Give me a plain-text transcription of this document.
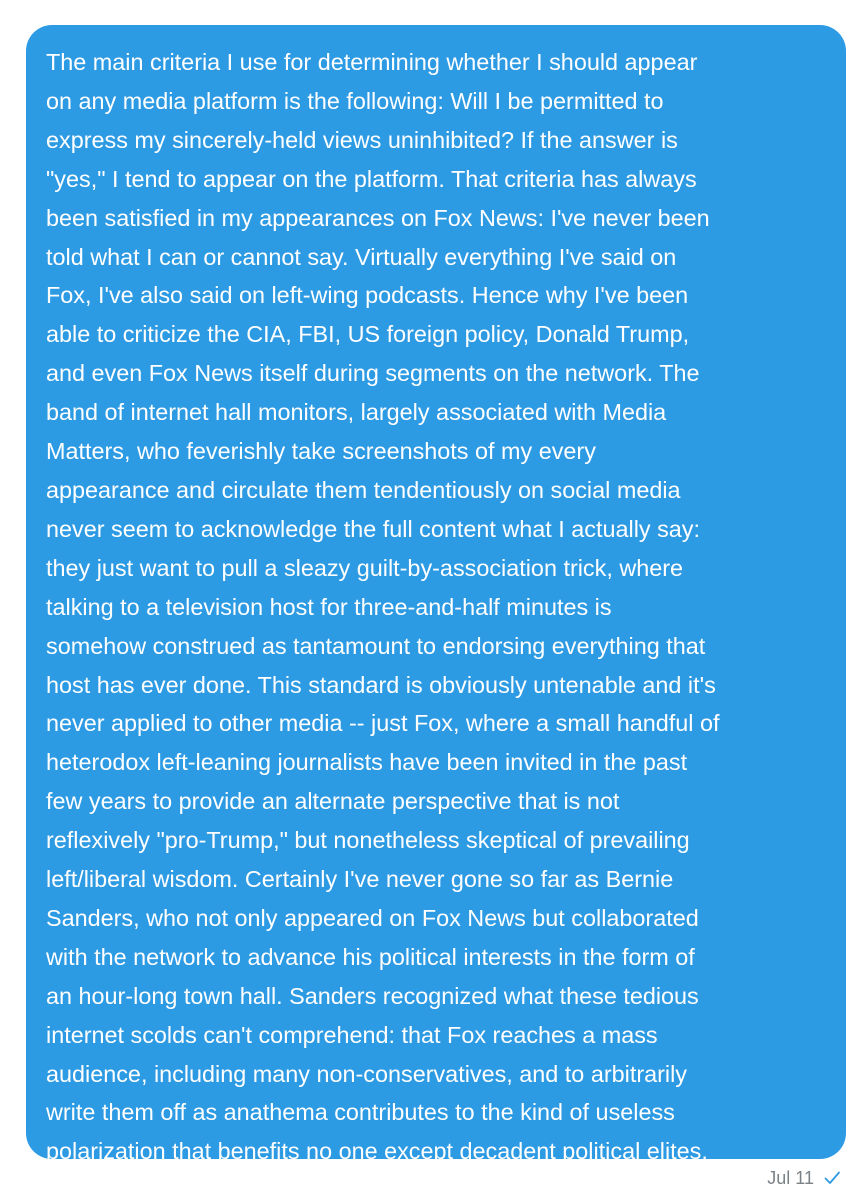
The main criteria I use for determining whether I should appear
on any media platform is the following: Will I be permitted to
express my sincerely-held views uninhibited? If the answer is
"yes," I tend to appear on the platform. That criteria has always
been satisfied in my appearances on Fox News: I've never been
told what I can or cannot say. Virtually everything I've said on
Fox, I've also said on left-wing podcasts. Hence why I've been
able to criticize the CIA, FBI, US foreign policy, Donald Trump,
and even Fox News itself during segments on the network. The
band of internet hall monitors, largely associated with Media
Matters, who feverishly take screenshots of my every
appearance and circulate them tendentiously on social media
never seem to acknowledge the full content what I actually say:
they just want to pull a sleazy guilt-by-association trick, where
talking to a television host for three-and-half minutes is
somehow construed as tantamount to endorsing everything that
host has ever done. This standard is obviously untenable and it's
never applied to other media -- just Fox, where a small handful of
heterodox left-leaning journalists have been invited in the past
few years to provide an alternate perspective that is not
reflexively "pro-Trump," but nonetheless skeptical of prevailing
left/liberal wisdom. Certainly I've never gone so far as Bernie
Sanders, who not only appeared on Fox News but collaborated
with the network to advance his political interests in the form of
an hour-long town hall. Sanders recognized what these tedious
internet scolds can't comprehend: that Fox reaches a mass
audience, including many non-conservatives, and to arbitrarily
write them off as anathema contributes to the kind of useless
polarization that benefits no one except decadent political elites.
Jul 11
